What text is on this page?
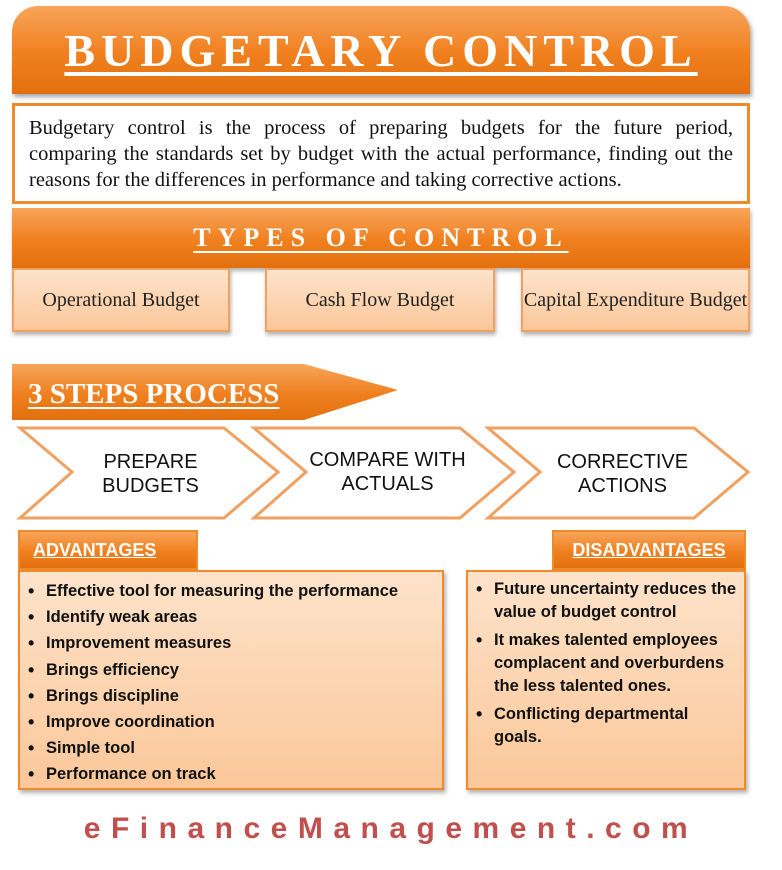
BUDGETARY CONTROL
Budgetary control is the process of preparing budgets for the future period, comparing the standards set by budget with the actual performance, finding out the reasons for the differences in performance and taking corrective actions.
TYPES OF CONTROL
Operational Budget	Cash Flow Budget	Capital Expenditure Budget
3 STEPS PROCESS
PREPARE BUDGETS
COMPARE WITH ACTUALS
CORRECTIVE ACTIONS
ADVANTAGES
• Effective tool for measuring the performance
• Identify weak areas
• Improvement measures
• Brings efficiency
• Brings discipline
• Improve coordination
• Simple tool
• Performance on track
DISADVANTAGES
• Future uncertainty reduces the value of budget control
• It makes talented employees complacent and overburdens the less talented ones.
• Conflicting departmental goals.
eFinanceManagement.com
